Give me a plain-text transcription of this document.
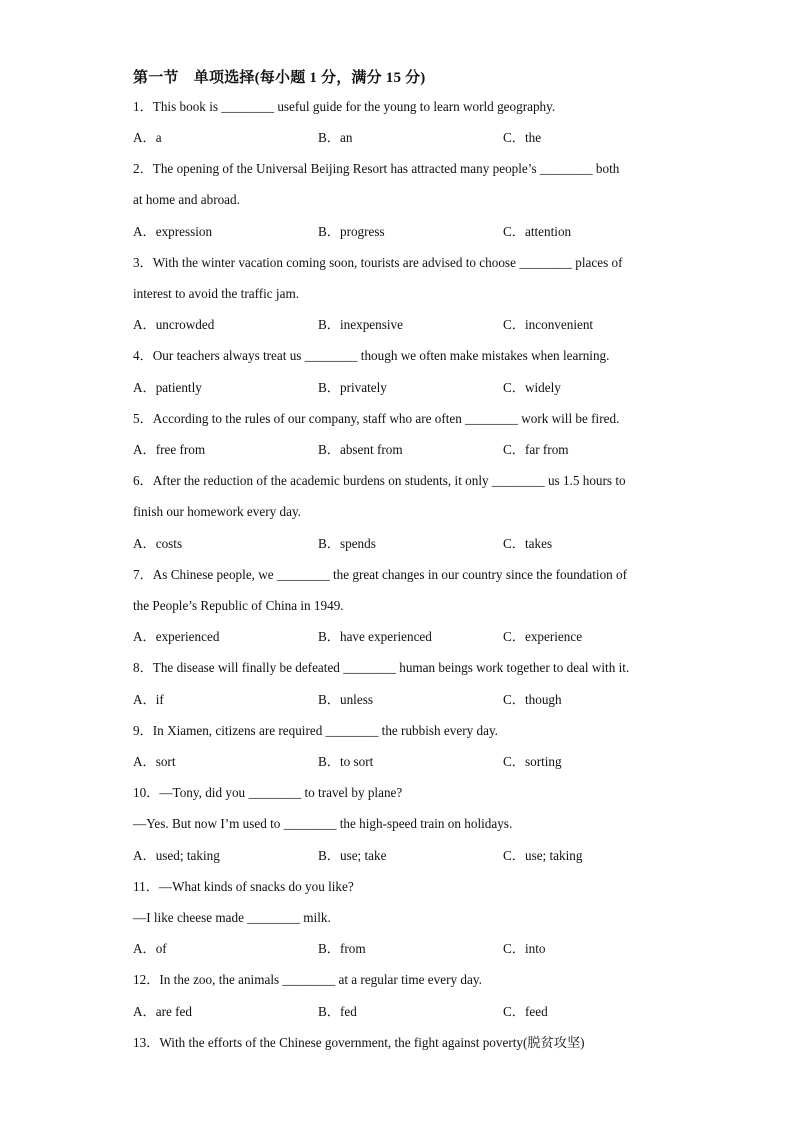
第一节　单项选择(每小题 1 分，满分 15 分)
1．This book is ________ useful guide for the young to learn world geography.
A．a	B．an	C．the
2．The opening of the Universal Beijing Resort has attracted many people’s ________ both
at home and abroad.
A．expression	B．progress	C．attention
3．With the winter vacation coming soon, tourists are advised to choose ________ places of
interest to avoid the traffic jam.
A．uncrowded	B．inexpensive	C．inconvenient
4．Our teachers always treat us ________ though we often make mistakes when learning.
A．patiently	B．privately	C．widely
5．According to the rules of our company, staff who are often ________ work will be fired.
A．free from	B．absent from	C．far from
6．After the reduction of the academic burdens on students, it only ________ us 1.5 hours to
finish our homework every day.
A．costs	B．spends	C．takes
7．As Chinese people, we ________ the great changes in our country since the foundation of
the People’s Republic of China in 1949.
A．experienced	B．have experienced	C．experience
8．The disease will finally be defeated ________ human beings work together to deal with it.
A．if	B．unless	C．though
9．In Xiamen, citizens are required ________ the rubbish every day.
A．sort	B．to sort	C．sorting
10．—Tony, did you ________ to travel by plane?
—Yes. But now I’m used to ________ the high-speed train on holidays.
A．used; taking	B．use; take	C．use; taking
11．—What kinds of snacks do you like?
—I like cheese made ________ milk.
A．of	B．from	C．into
12．In the zoo, the animals ________ at a regular time every day.
A．are fed	B．fed	C．feed
13．With the efforts of the Chinese government, the fight against poverty(脱贫攻坚)
